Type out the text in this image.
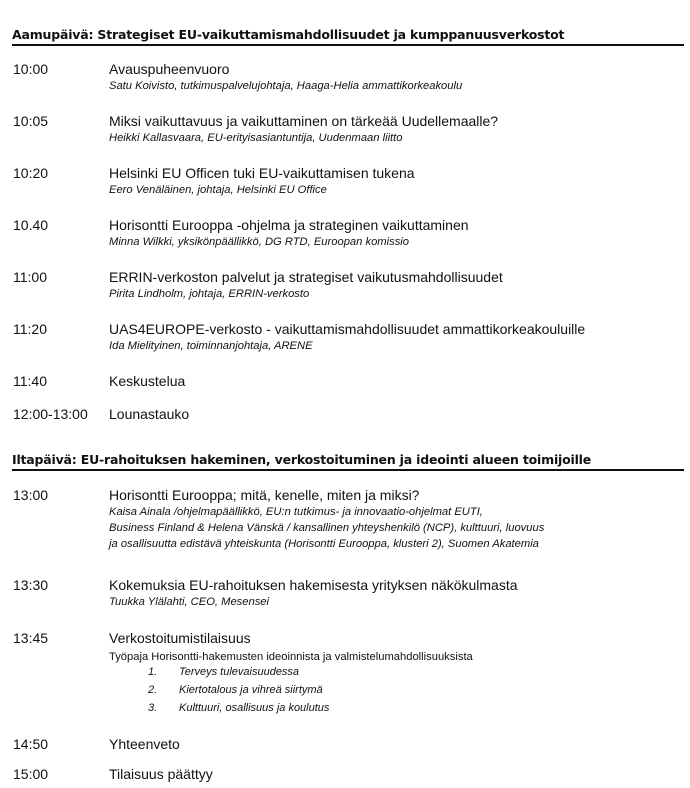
Aamupäivä: Strategiset EU-vaikuttamismahdollisuudet ja kumppanuusverkostot
10:00	Avauspuheenvuoro
Satu Koivisto, tutkimuspalvelujohtaja, Haaga-Helia ammattikorkeakoulu
10:05	Miksi vaikuttavuus ja vaikuttaminen on tärkeää Uudellemaalle?
Heikki Kallasvaara, EU-erityisasiantuntija, Uudenmaan liitto
10:20	Helsinki EU Officen tuki EU-vaikuttamisen tukena
Eero Venäläinen, johtaja, Helsinki EU Office
10.40	Horisontti Eurooppa -ohjelma ja strateginen vaikuttaminen
Minna Wilkki, yksikönpäällikkö, DG RTD, Euroopan komissio
11:00	ERRIN-verkoston palvelut ja strategiset vaikutusmahdollisuudet
Pirita Lindholm, johtaja, ERRIN-verkosto
11:20	UAS4EUROPE-verkosto - vaikuttamismahdollisuudet ammattikorkeakouluille
Ida Mielityinen, toiminnanjohtaja, ARENE
11:40	Keskustelua
12:00-13:00 Lounastauko
Iltapäivä: EU-rahoituksen hakeminen, verkostoituminen ja ideointi alueen toimijoille
13:00	Horisontti Eurooppa; mitä, kenelle, miten ja miksi?
Kaisa Ainala /ohjelmapäällikkö, EU:n tutkimus- ja innovaatio-ohjelmat EUTI,
Business Finland & Helena Vänskä / kansallinen yhteyshenkilö (NCP), kulttuuri, luovuus
ja osallisuutta edistävä yhteiskunta (Horisontti Eurooppa, klusteri 2), Suomen Akatemia
13:30	Kokemuksia EU-rahoituksen hakemisesta yrityksen näkökulmasta
Tuukka Ylälahti, CEO, Mesensei
13:45	Verkostoitumistilaisuus
Työpaja Horisontti-hakemusten ideoinnista ja valmistelumahdollisuuksista
1. Terveys tulevaisuudessa
2. Kiertotalous ja vihreä siirtymä
3. Kulttuuri, osallisuus ja koulutus
14:50	Yhteenveto
15:00	Tilaisuus päättyy
